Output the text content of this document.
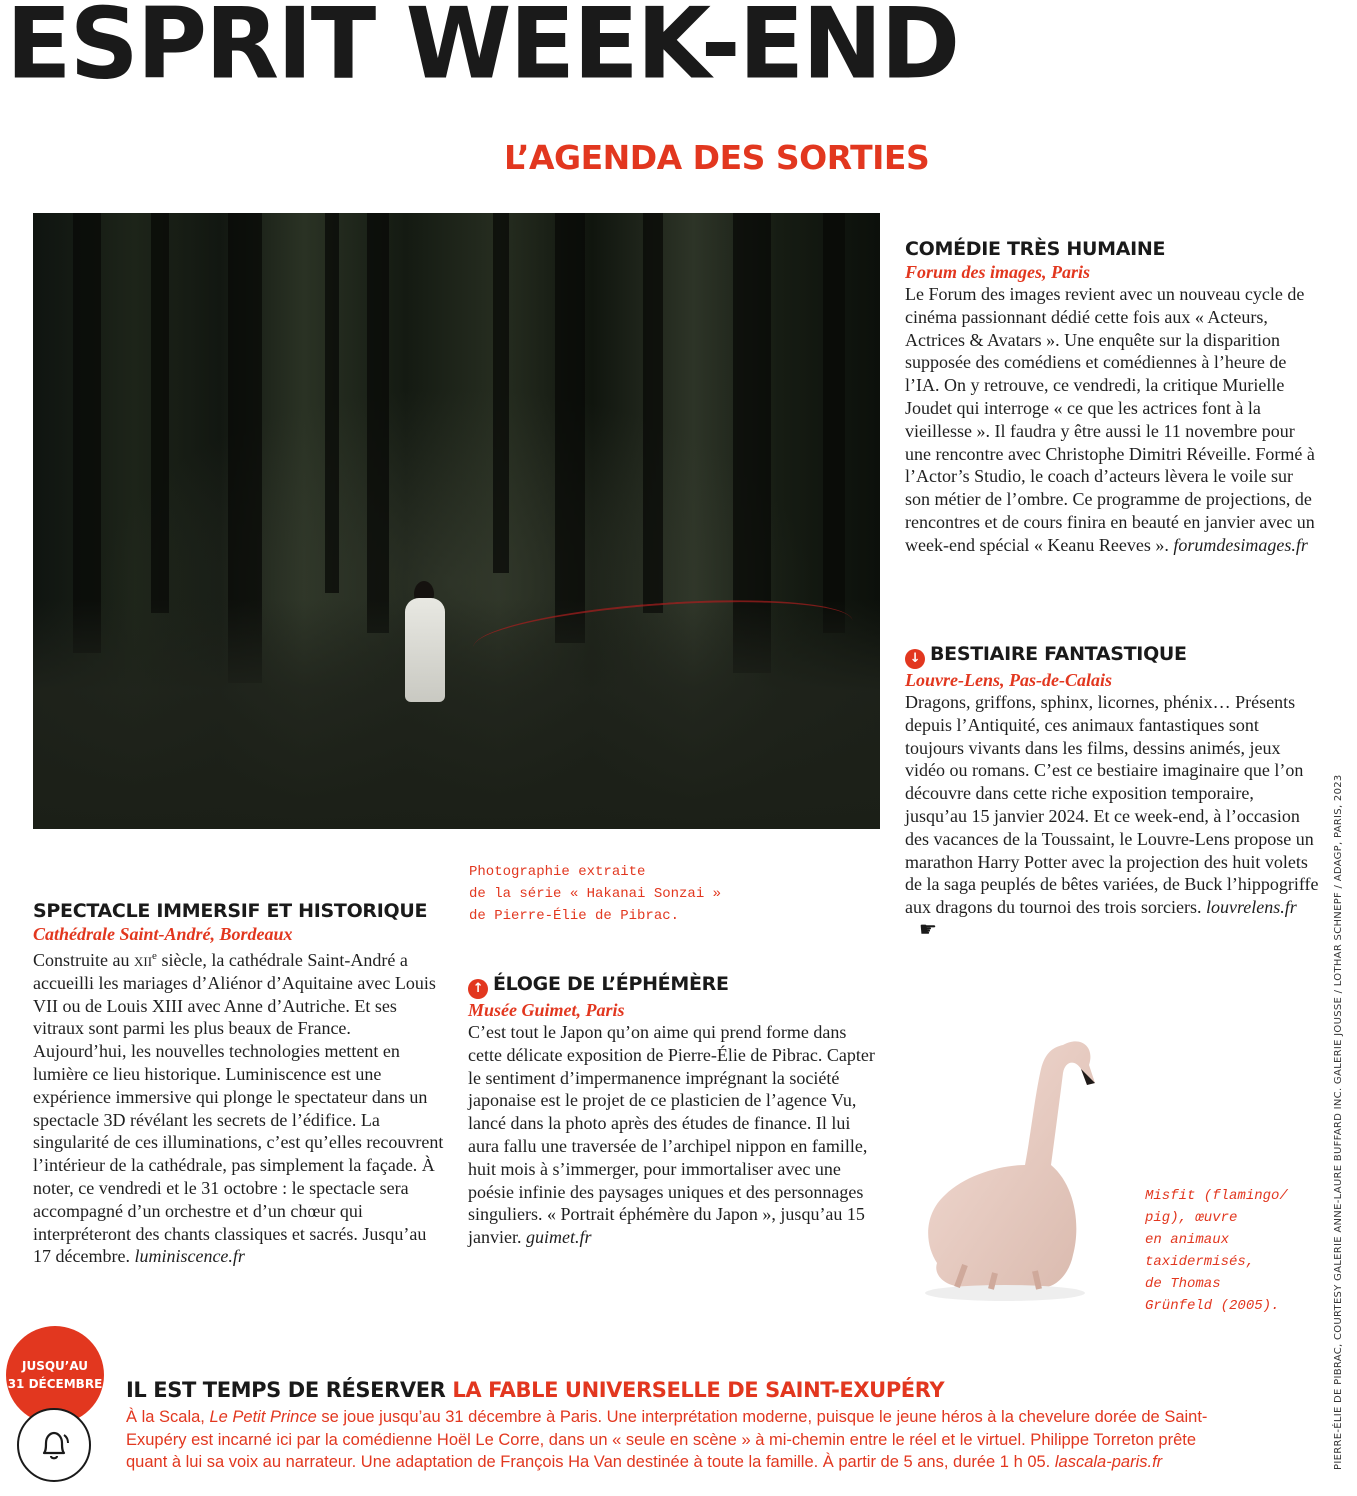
ESPRIT WEEK-END
L’AGENDA DES SORTIES
Photographie extraite
de la série « Hakanai Sonzai »
de Pierre-Élie de Pibrac.

SPECTACLE IMMERSIF ET HISTORIQUE

Cathédrale Saint-André, Bordeaux

Construite au xii$^e$ siècle, la cathédrale Saint-André a accueilli les mariages d’Aliénor d’Aquitaine avec Louis VII ou de Louis XIII avec Anne d’Autriche. Et ses vitraux sont parmi les plus beaux de France. Aujourd’hui, les nouvelles technologies mettent en lumière ce lieu historique. Luminiscence est une expérience immersive qui plonge le spectateur dans un spectacle 3D révélant les secrets de l’édifice. La singularité de ces illuminations, c’est qu’elles recouvrent l’intérieur de la cathédrale, pas simplement la façade. À noter, ce vendredi et le 31 octobre : le spectacle sera accompagné d’un orchestre et d’un chœur qui interpréteront des chants classiques et sacrés. Jusqu’au 17 décembre. luminiscence.fr

↑ ÉLOGE DE L’ÉPHÉMÈRE

Musée Guimet, Paris

C’est tout le Japon qu’on aime qui prend forme dans cette délicate exposition de Pierre-Élie de Pibrac. Capter le sentiment d’impermanence imprégnant la société japonaise est le projet de ce plasticien de l’agence Vu, lancé dans la photo après des études de finance. Il lui aura fallu une traversée de l’archipel nippon en famille, huit mois à s’immerger, pour immortaliser avec une poésie infinie des paysages uniques et des personnages singuliers. « Portrait éphémère du Japon », jusqu’au 15 janvier. guimet.fr

COMÉDIE TRÈS HUMAINE

Forum des images, Paris

Le Forum des images revient avec un nouveau cycle de cinéma passionnant dédié cette fois aux « Acteurs, Actrices & Avatars ». Une enquête sur la disparition supposée des comédiens et comédiennes à l’heure de l’IA. On y retrouve, ce vendredi, la critique Murielle Joudet qui interroge « ce que les actrices font à la vieillesse ». Il faudra y être aussi le 11 novembre pour une rencontre avec Christophe Dimitri Réveille. Formé à l’Actor’s Studio, le coach d’acteurs lèvera le voile sur son métier de l’ombre. Ce programme de projections, de rencontres et de cours finira en beauté en janvier avec un week-end spécial « Keanu Reeves ». forumdesimages.fr

↓ BESTIAIRE FANTASTIQUE

Louvre-Lens, Pas-de-Calais

Dragons, griffons, sphinx, licornes, phénix… Présents depuis l’Antiquité, ces animaux fantastiques sont toujours vivants dans les films, dessins animés, jeux vidéo ou romans. C’est ce bestiaire imaginaire que l’on découvre dans cette riche exposition temporaire, jusqu’au 15 janvier 2024. Et ce week-end, à l’occasion des vacances de la Toussaint, le Louvre-Lens propose un marathon Harry Potter avec la projection des huit volets de la saga peuplés de bêtes variées, de Buck l’hippogriffe aux dragons du tournoi des trois sorciers. louvrelens.fr☛

Misfit (flamingo/
pig), œuvre
en animaux
taxidermisés,
de Thomas
Grünfeld (2005).	PIERRE-ÉLIE DE PIBRAC, COURTESY GALERIE ANNE-LAURE BUFFARD INC. GALERIE JOUSSE / LOTHAR SCHNEPF / ADAGP, PARIS, 2023
JUSQU’AU
31 DÉCEMBRE IL EST TEMPS DE RÉSERVER LA FABLE UNIVERSELLE DE SAINT-EXUPÉRY

À la Scala, Le Petit Prince se joue jusqu’au 31 décembre à Paris. Une interprétation moderne, puisque le jeune héros à la chevelure dorée de Saint-Exupéry est incarné ici par la comédienne Hoël Le Corre, dans un « seule en scène » à mi-chemin entre le réel et le virtuel. Philippe Torreton prête quant à lui sa voix au narrateur. Une adaptation de François Ha Van destinée à toute la famille. À partir de 5 ans, durée 1 h 05. lascala-paris.fr
